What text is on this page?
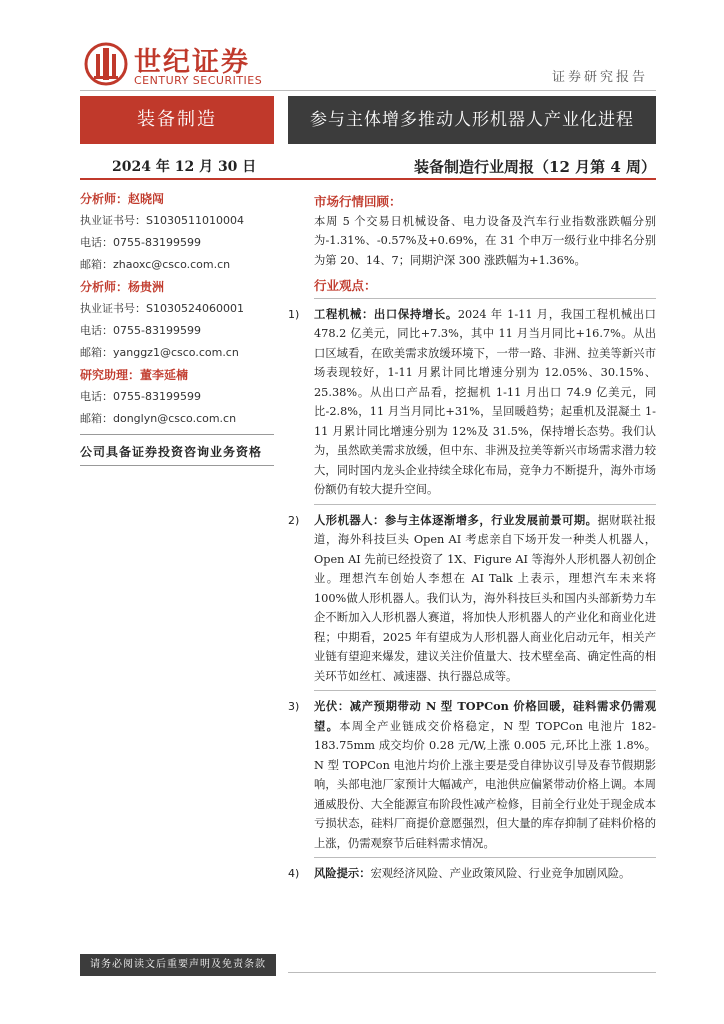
世纪证券
CENTURY SECURITIES	证券研究报告
装备制造	参与主体增多推动人形机器人产业化进程
2024 年 12 月 30 日	装备制造行业周报（12 月第 4 周）
分析师：赵晓闯
执业证书号：S1030511010004
电话：0755-83199599
邮箱：zhaoxc@csco.com.cn
分析师：杨贵洲
执业证书号：S1030524060001
电话：0755-83199599
邮箱：yanggz1@csco.com.cn
研究助理：董李延楠
电话：0755-83199599
邮箱：donglyn@csco.com.cn
公司具备证券投资咨询业务资格
请务必阅读文后重要声明及免责条款
市场行情回顾：
本周 5 个交易日机械设备、电力设备及汽车行业指数涨跌幅分别为-1.31%、-0.57%及+0.69%，在 31 个申万一级行业中排名分别为第 20、14、7；同期沪深 300 涨跌幅为+1.36%。
行业观点：
1)	工程机械：出口保持增长。2024 年 1-11 月，我国工程机械出口 478.2 亿美元，同比+7.3%，其中 11 月当月同比+16.7%。从出口区域看，在欧美需求放缓环境下，一带一路、非洲、拉美等新兴市场表现较好，1-11 月累计同比增速分别为 12.05%、30.15%、25.38%。从出口产品看，挖掘机 1-11 月出口 74.9 亿美元，同比-2.8%，11 月当月同比+31%，呈回暖趋势；起重机及混凝土 1-11 月累计同比增速分别为 12%及 31.5%，保持增长态势。我们认为，虽然欧美需求放缓，但中东、非洲及拉美等新兴市场需求潜力较大，同时国内龙头企业持续全球化布局，竞争力不断提升，海外市场份额仍有较大提升空间。
2)	人形机器人：参与主体逐渐增多，行业发展前景可期。据财联社报道，海外科技巨头 Open AI 考虑亲自下场开发一种类人机器人，Open AI 先前已经投资了 1X、Figure AI 等海外人形机器人初创企业。理想汽车创始人李想在 AI Talk 上表示，理想汽车未来将 100%做人形机器人。我们认为，海外科技巨头和国内头部新势力车企不断加入人形机器人赛道，将加快人形机器人的产业化和商业化进程；中期看，2025 年有望成为人形机器人商业化启动元年，相关产业链有望迎来爆发，建议关注价值量大、技术壁垒高、确定性高的相关环节如丝杠、减速器、执行器总成等。
3)	光伏：减产预期带动 N 型 TOPCon 价格回暖，硅料需求仍需观望。本周全产业链成交价格稳定，N 型 TOPCon 电池片 182-183.75mm 成交均价 0.28 元/W,上涨 0.005 元,环比上涨 1.8%。N 型 TOPCon 电池片均价上涨主要是受自律协议引导及春节假期影响，头部电池厂家预计大幅减产，电池供应偏紧带动价格上调。本周通威股份、大全能源宣布阶段性减产检修，目前全行业处于现金成本亏损状态，硅料厂商提价意愿强烈，但大量的库存抑制了硅料价格的上涨，仍需观察节后硅料需求情况。
4)	风险提示：宏观经济风险、产业政策风险、行业竞争加剧风险。
